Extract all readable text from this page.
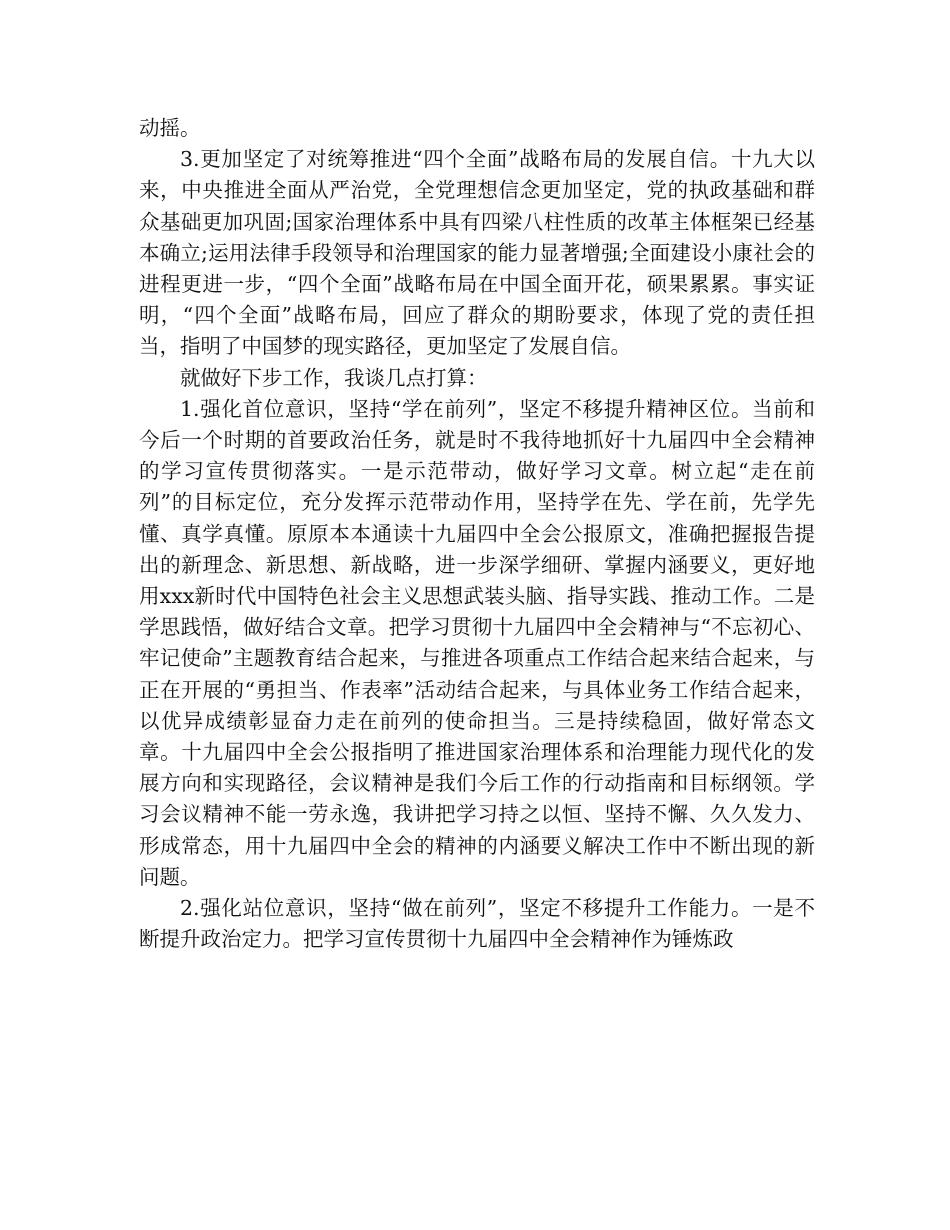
动摇。

3.更加坚定了对统筹推进“四个全面”战略布局的发展自信。十九大以来，中央推进全面从严治党，全党理想信念更加坚定，党的执政基础和群众基础更加巩固;国家治理体系中具有四梁八柱性质的改革主体框架已经基本确立;运用法律手段领导和治理国家的能力显著增强;全面建设小康社会的进程更进一步，“四个全面”战略布局在中国全面开花，硕果累累。事实证明，“四个全面”战略布局，回应了群众的期盼要求，体现了党的责任担当，指明了中国梦的现实路径，更加坚定了发展自信。

就做好下步工作，我谈几点打算：

1.强化首位意识，坚持“学在前列”，坚定不移提升精神区位。当前和今后一个时期的首要政治任务，就是时不我待地抓好十九届四中全会精神的学习宣传贯彻落实。一是示范带动，做好学习文章。树立起“走在前列”的目标定位，充分发挥示范带动作用，坚持学在先、学在前，先学先懂、真学真懂。原原本本通读十九届四中全会公报原文，准确把握报告提出的新理念、新思想、新战略，进一步深学细研、掌握内涵要义，更好地用xxx新时代中国特色社会主义思想武装头脑、指导实践、推动工作。二是学思践悟，做好结合文章。把学习贯彻十九届四中全会精神与“不忘初心、牢记使命”主题教育结合起来，与推进各项重点工作结合起来结合起来，与正在开展的“勇担当、作表率”活动结合起来，与具体业务工作结合起来，以优异成绩彰显奋力走在前列的使命担当。三是持续稳固，做好常态文章。十九届四中全会公报指明了推进国家治理体系和治理能力现代化的发展方向和实现路径，会议精神是我们今后工作的行动指南和目标纲领。学习会议精神不能一劳永逸，我讲把学习持之以恒、坚持不懈、久久发力、形成常态，用十九届四中全会的精神的内涵要义解决工作中不断出现的新问题。

2.强化站位意识，坚持“做在前列”，坚定不移提升工作能力。一是不断提升政治定力。把学习宣传贯彻十九届四中全会精神作为锤炼政
